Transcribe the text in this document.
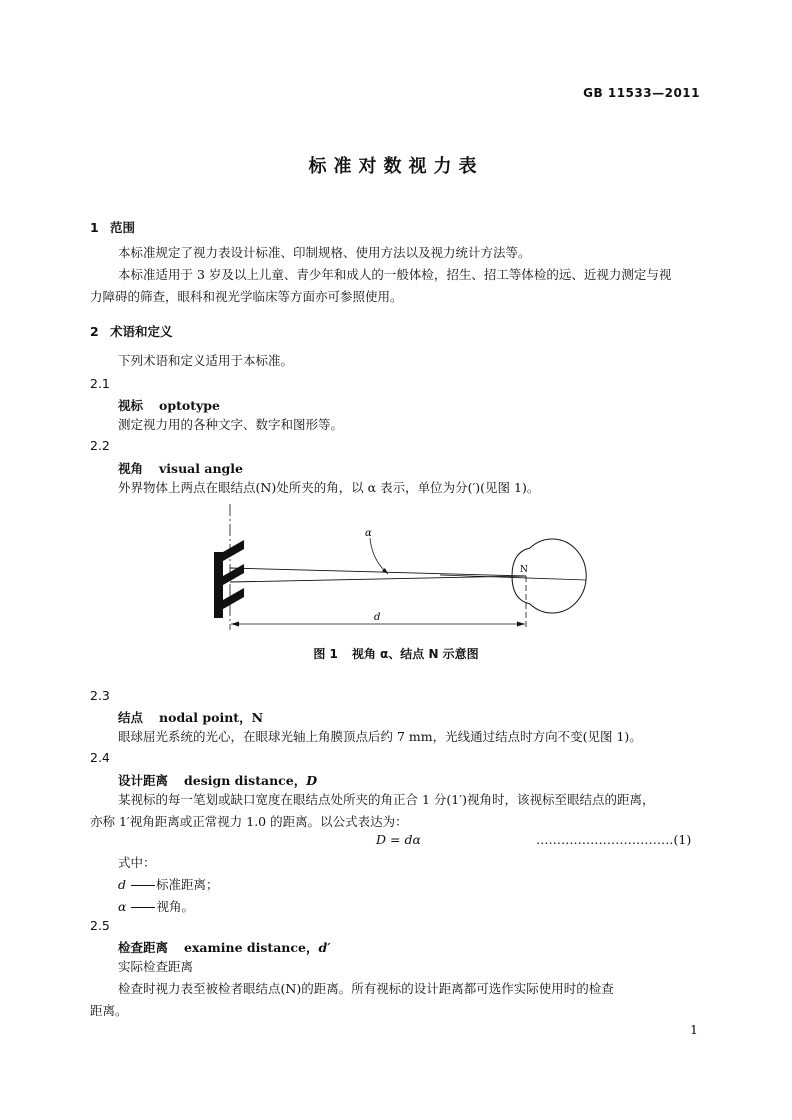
GB 11533—2011
标准对数视力表
1 范围
本标准规定了视力表设计标准、印制规格、使用方法以及视力统计方法等。
本标准适用于 3 岁及以上儿童、青少年和成人的一般体检，招生、招工等体检的远、近视力测定与视
力障碍的筛查，眼科和视光学临床等方面亦可参照使用。
2 术语和定义
下列术语和定义适用于本标准。
2.1
视标 optotype
测定视力用的各种文字、数字和图形等。
2.2
视角 visual angle
外界物体上两点在眼结点(N)处所夹的角，以 α 表示，单位为分(′)(见图 1)。
α
N
d
图 1 视角 α、结点 N 示意图
2.3
结点 nodal point，N
眼球屈光系统的光心，在眼球光轴上角膜顶点后约 7 mm，光线通过结点时方向不变(见图 1)。
2.4
设计距离 design distance，D
某视标的每一笔划或缺口宽度在眼结点处所夹的角正合 1 分(1′)视角时，该视标至眼结点的距离，
亦称 1′视角距离或正常视力 1.0 的距离。以公式表达为：
D = dα	……………………………(1)
式中：
d 标准距离；
α 视角。
2.5
检查距离 examine distance，d′
实际检查距离
检查时视力表至被检者眼结点(N)的距离。所有视标的设计距离都可选作实际使用时的检查
距离。
1
